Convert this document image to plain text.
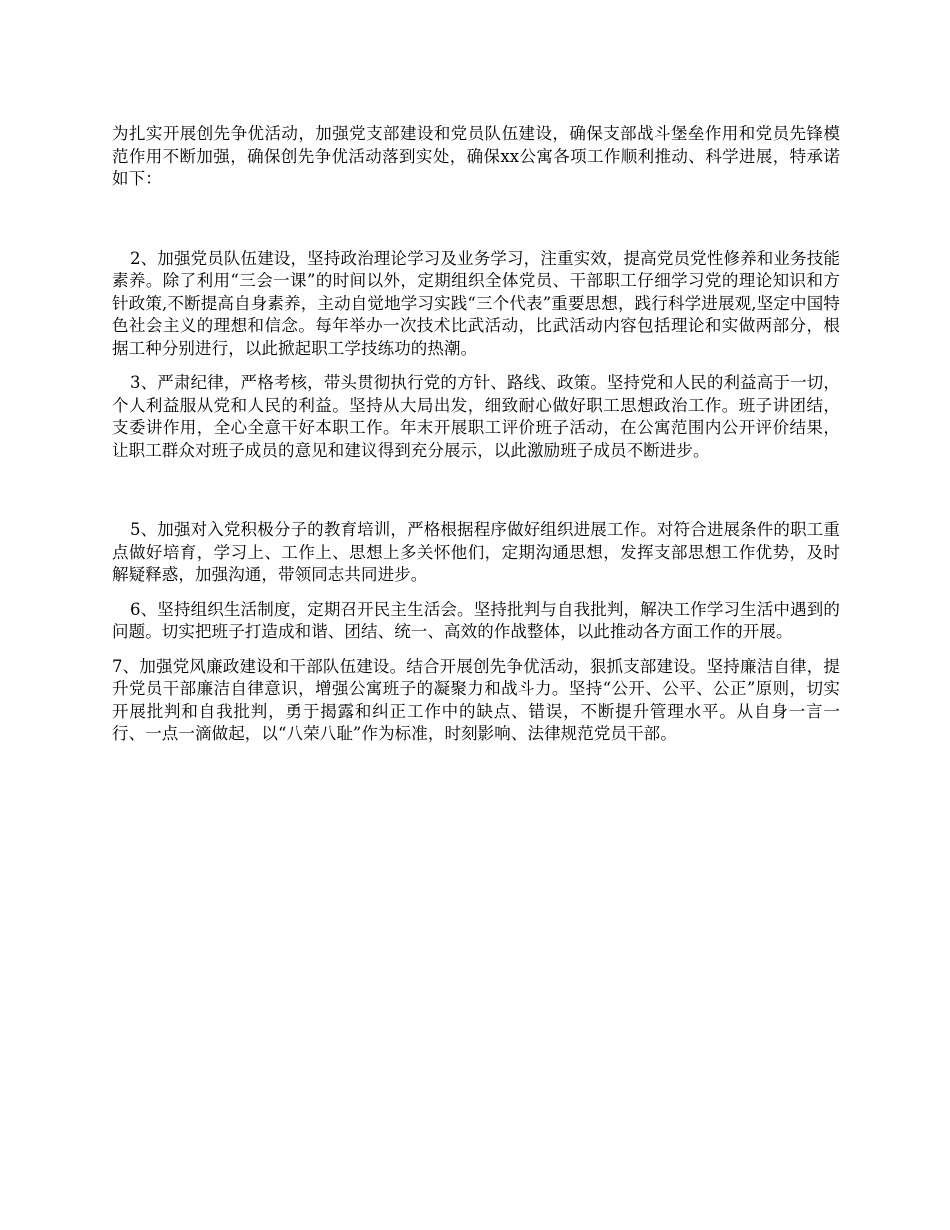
为扎实开展创先争优活动，加强党支部建设和党员队伍建设，确保支部战斗堡垒作用和党员先锋模范作用不断加强，确保创先争优活动落到实处，确保xx公寓各项工作顺利推动、科学进展，特承诺如下：

2、加强党员队伍建设，坚持政治理论学习及业务学习，注重实效，提高党员党性修养和业务技能素养。除了利用“三会一课”的时间以外，定期组织全体党员、干部职工仔细学习党的理论知识和方针政策,不断提高自身素养，主动自觉地学习实践“三个代表”重要思想，践行科学进展观,坚定中国特色社会主义的理想和信念。每年举办一次技术比武活动，比武活动内容包括理论和实做两部分，根据工种分别进行，以此掀起职工学技练功的热潮。

3、严肃纪律，严格考核，带头贯彻执行党的方针、路线、政策。坚持党和人民的利益高于一切，个人利益服从党和人民的利益。坚持从大局出发，细致耐心做好职工思想政治工作。班子讲团结，支委讲作用，全心全意干好本职工作。年末开展职工评价班子活动，在公寓范围内公开评价结果，让职工群众对班子成员的意见和建议得到充分展示，以此激励班子成员不断进步。

5、加强对入党积极分子的教育培训，严格根据程序做好组织进展工作。对符合进展条件的职工重点做好培育，学习上、工作上、思想上多关怀他们，定期沟通思想，发挥支部思想工作优势，及时解疑释惑，加强沟通，带领同志共同进步。

6、坚持组织生活制度，定期召开民主生活会。坚持批判与自我批判，解决工作学习生活中遇到的问题。切实把班子打造成和谐、团结、统一、高效的作战整体，以此推动各方面工作的开展。

7、加强党风廉政建设和干部队伍建设。结合开展创先争优活动，狠抓支部建设。坚持廉洁自律，提升党员干部廉洁自律意识，增强公寓班子的凝聚力和战斗力。坚持“公开、公平、公正”原则，切实开展批判和自我批判，勇于揭露和纠正工作中的缺点、错误，不断提升管理水平。从自身一言一行、一点一滴做起，以“八荣八耻”作为标准，时刻影响、法律规范党员干部。
